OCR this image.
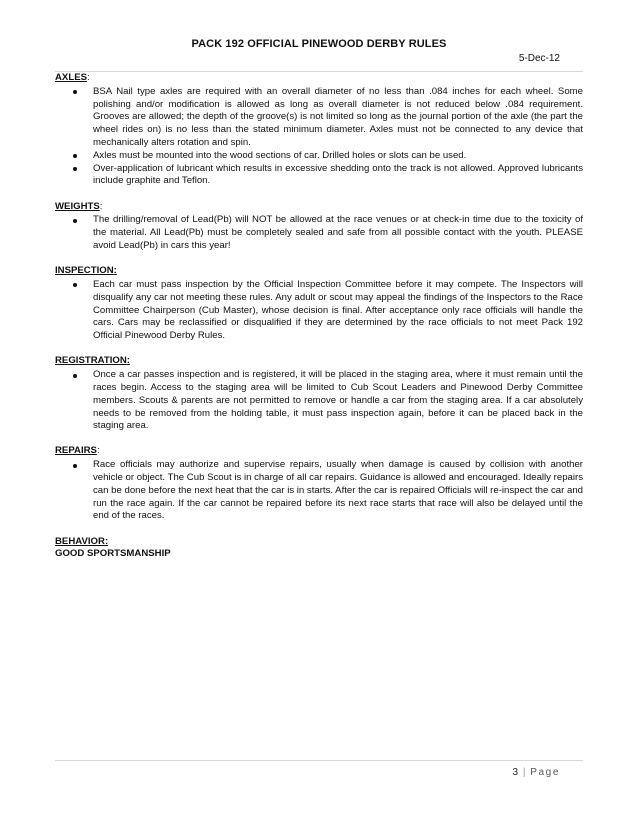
PACK 192 OFFICIAL PINEWOOD DERBY RULES
5-Dec-12
AXLES:
BSA Nail type axles are required with an overall diameter of no less than .084 inches for each wheel. Some polishing and/or modification is allowed as long as overall diameter is not reduced below .084 requirement. Grooves are allowed; the depth of the groove(s) is not limited so long as the journal portion of the axle (the part the wheel rides on) is no less than the stated minimum diameter. Axles must not be connected to any device that mechanically alters rotation and spin.
Axles must be mounted into the wood sections of car. Drilled holes or slots can be used.
Over-application of lubricant which results in excessive shedding onto the track is not allowed. Approved lubricants include graphite and Teflon.
WEIGHTS:
The drilling/removal of Lead(Pb) will NOT be allowed at the race venues or at check-in time due to the toxicity of the material. All Lead(Pb) must be completely sealed and safe from all possible contact with the youth. PLEASE avoid Lead(Pb) in cars this year!
INSPECTION:
Each car must pass inspection by the Official Inspection Committee before it may compete. The Inspectors will disqualify any car not meeting these rules. Any adult or scout may appeal the findings of the Inspectors to the Race Committee Chairperson (Cub Master), whose decision is final. After acceptance only race officials will handle the cars. Cars may be reclassified or disqualified if they are determined by the race officials to not meet Pack 192 Official Pinewood Derby Rules.
REGISTRATION:
Once a car passes inspection and is registered, it will be placed in the staging area, where it must remain until the races begin. Access to the staging area will be limited to Cub Scout Leaders and Pinewood Derby Committee members. Scouts & parents are not permitted to remove or handle a car from the staging area. If a car absolutely needs to be removed from the holding table, it must pass inspection again, before it can be placed back in the staging area.
REPAIRS:
Race officials may authorize and supervise repairs, usually when damage is caused by collision with another vehicle or object. The Cub Scout is in charge of all car repairs. Guidance is allowed and encouraged. Ideally repairs can be done before the next heat that the car is in starts. After the car is repaired Officials will re-inspect the car and run the race again. If the car cannot be repaired before its next race starts that race will also be delayed until the end of the races.
BEHAVIOR:
GOOD SPORTSMANSHIP
3 | Page
